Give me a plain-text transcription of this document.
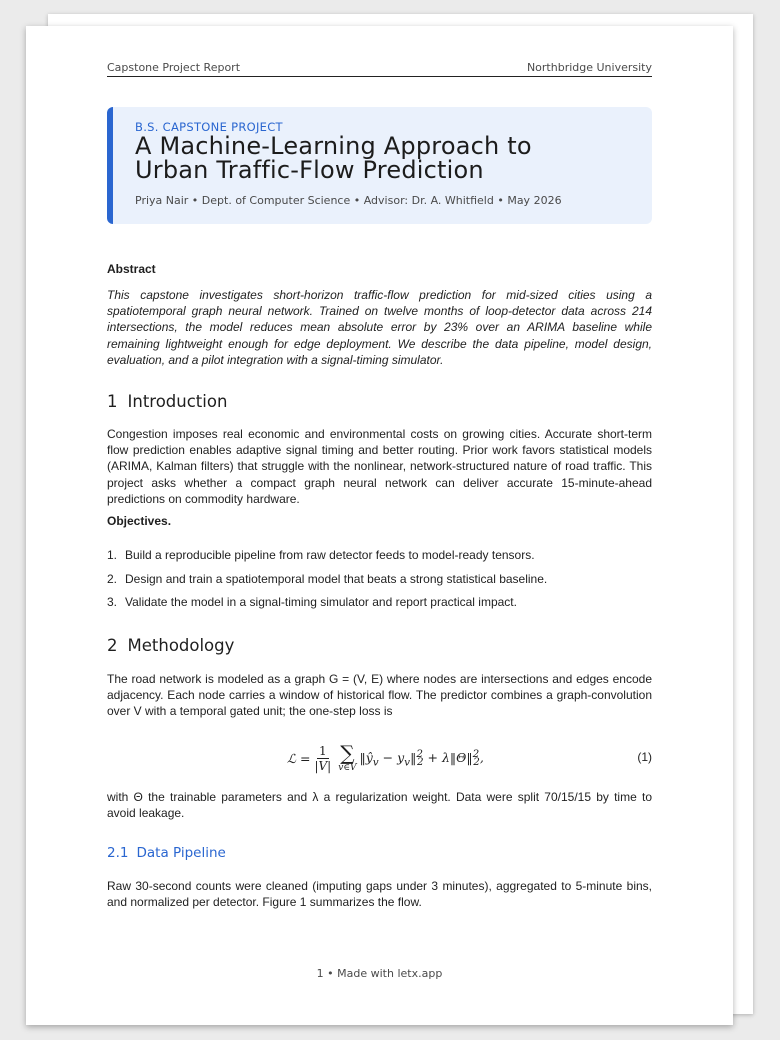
Capstone Project Report	Northbridge University
B.S. CAPSTONE PROJECT
A Machine-Learning Approach to
Urban Traffic-Flow Prediction
Priya Nair • Dept. of Computer Science • Advisor: Dr. A. Whitfield • May 2026
Abstract
This capstone investigates short-horizon traffic-flow prediction for mid-sized cities using a spatiotemporal graph neural network. Trained on twelve months of loop-detector data across 214 intersections, the model reduces mean absolute error by 23% over an ARIMA baseline while remaining lightweight enough for edge deployment. We describe the data pipeline, model design, evaluation, and a pilot integration with a signal-timing simulator.
1 Introduction
Congestion imposes real economic and environmental costs on growing cities. Accurate short-term flow prediction enables adaptive signal timing and better routing. Prior work favors statistical models (ARIMA, Kalman filters) that struggle with the nonlinear, network-structured nature of road traffic. This project asks whether a compact graph neural network can deliver accurate 15-minute-ahead predictions on commodity hardware.
Objectives.
1. Build a reproducible pipeline from raw detector feeds to model-ready tensors.
2. Design and train a spatiotemporal model that beats a strong statistical baseline.
3. Validate the model in a signal-timing simulator and report practical impact.
2 Methodology
The road network is modeled as a graph G = (V, E) where nodes are intersections and edges encode adjacency. Each node carries a window of historical flow. The predictor combines a graph-convolution over V with a temporal gated unit; the one-step loss is
ℒ = $\frac{1}{|V|}$ ∑
v∈V
$‖ŷ_v$ − $y_v‖^2_2$ + λ‖Θ‖$^2_2$,	(1)
with Θ the trainable parameters and λ a regularization weight. Data were split 70/15/15 by time to avoid leakage.
2.1 Data Pipeline
Raw 30-second counts were cleaned (imputing gaps under 3 minutes), aggregated to 5-minute bins, and normalized per detector. Figure 1 summarizes the flow.
1 • Made with letx.app
